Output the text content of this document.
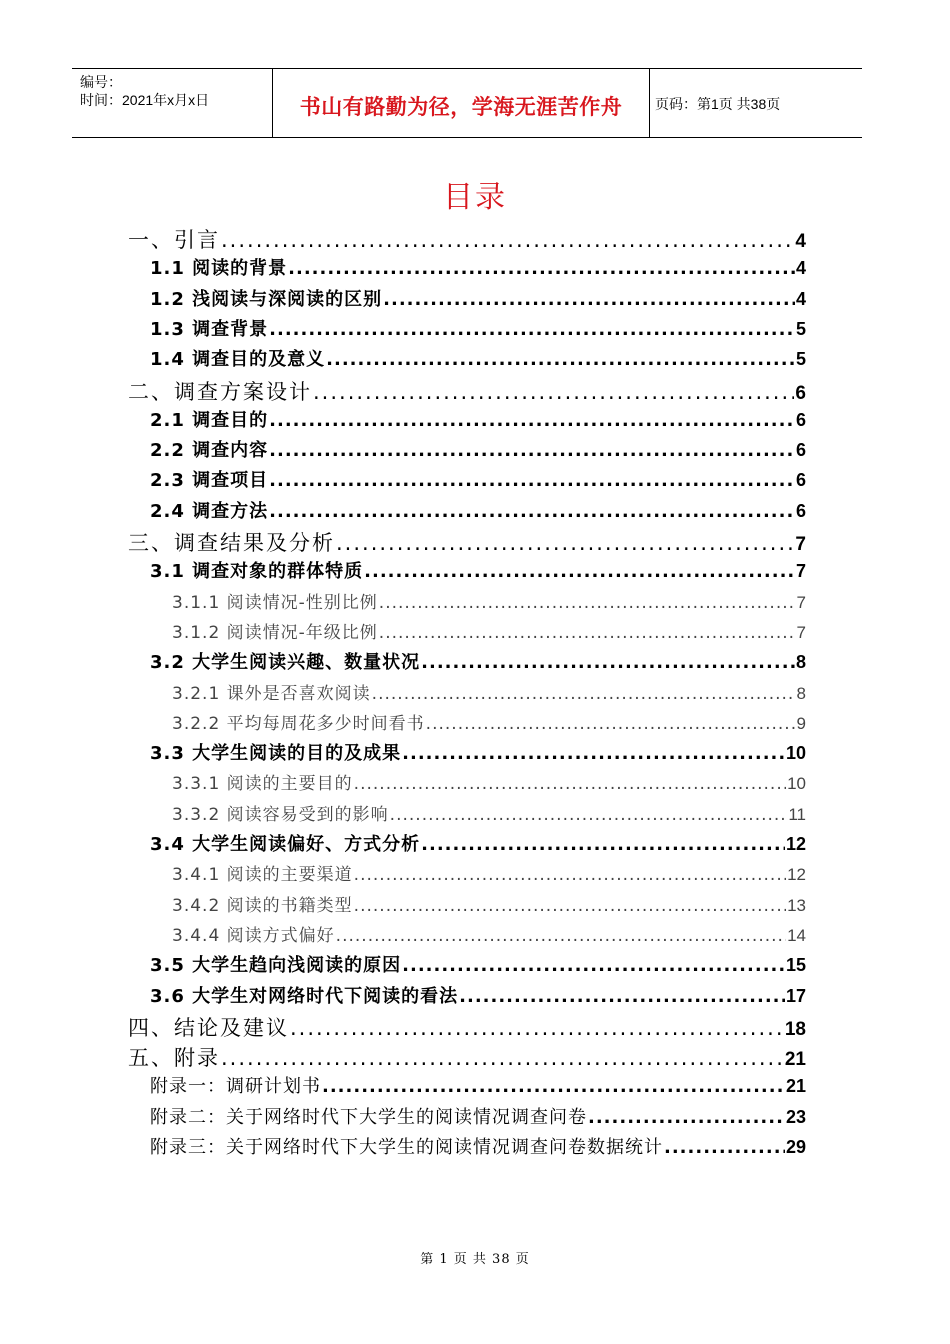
编号：
时间：2021年x月x日	书山有路勤为径，学海无涯苦作舟	页码：第1页 共38页
目录
一、引言 .....	4
1.1 阅读的背景 .....	4
1.2 浅阅读与深阅读的区别 .....	4
1.3 调查背景 .....	5
1.4 调查目的及意义 .....	5
二、调查方案设计 .....	6
2.1 调查目的 .....	6
2.2 调查内容 .....	6
2.3 调查项目 .....	6
2.4 调查方法 .....	6
三、调查结果及分析 .....	7
3.1 调查对象的群体特质 .....	7
3.1.1 阅读情况-性别比例 .....	7
3.1.2 阅读情况-年级比例 .....	7
3.2 大学生阅读兴趣、数量状况 .....	8
3.2.1 课外是否喜欢阅读 .....	8
3.2.2 平均每周花多少时间看书 .....	9
3.3 大学生阅读的目的及成果 .....	10
3.3.1 阅读的主要目的 .....	10
3.3.2 阅读容易受到的影响 .....	11
3.4 大学生阅读偏好、方式分析 .....	12
3.4.1 阅读的主要渠道 .....	12
3.4.2 阅读的书籍类型 .....	13
3.4.4 阅读方式偏好 .....	14
3.5 大学生趋向浅阅读的原因 .....	15
3.6 大学生对网络时代下阅读的看法 .....	17
四、结论及建议 .....	18
五、附录 .....	21
附录一：调研计划书 .....	21
附录二：关于网络时代下大学生的阅读情况调查问卷 .....	23
附录三：关于网络时代下大学生的阅读情况调查问卷数据统计 .....	29
第 1 页 共 38 页
